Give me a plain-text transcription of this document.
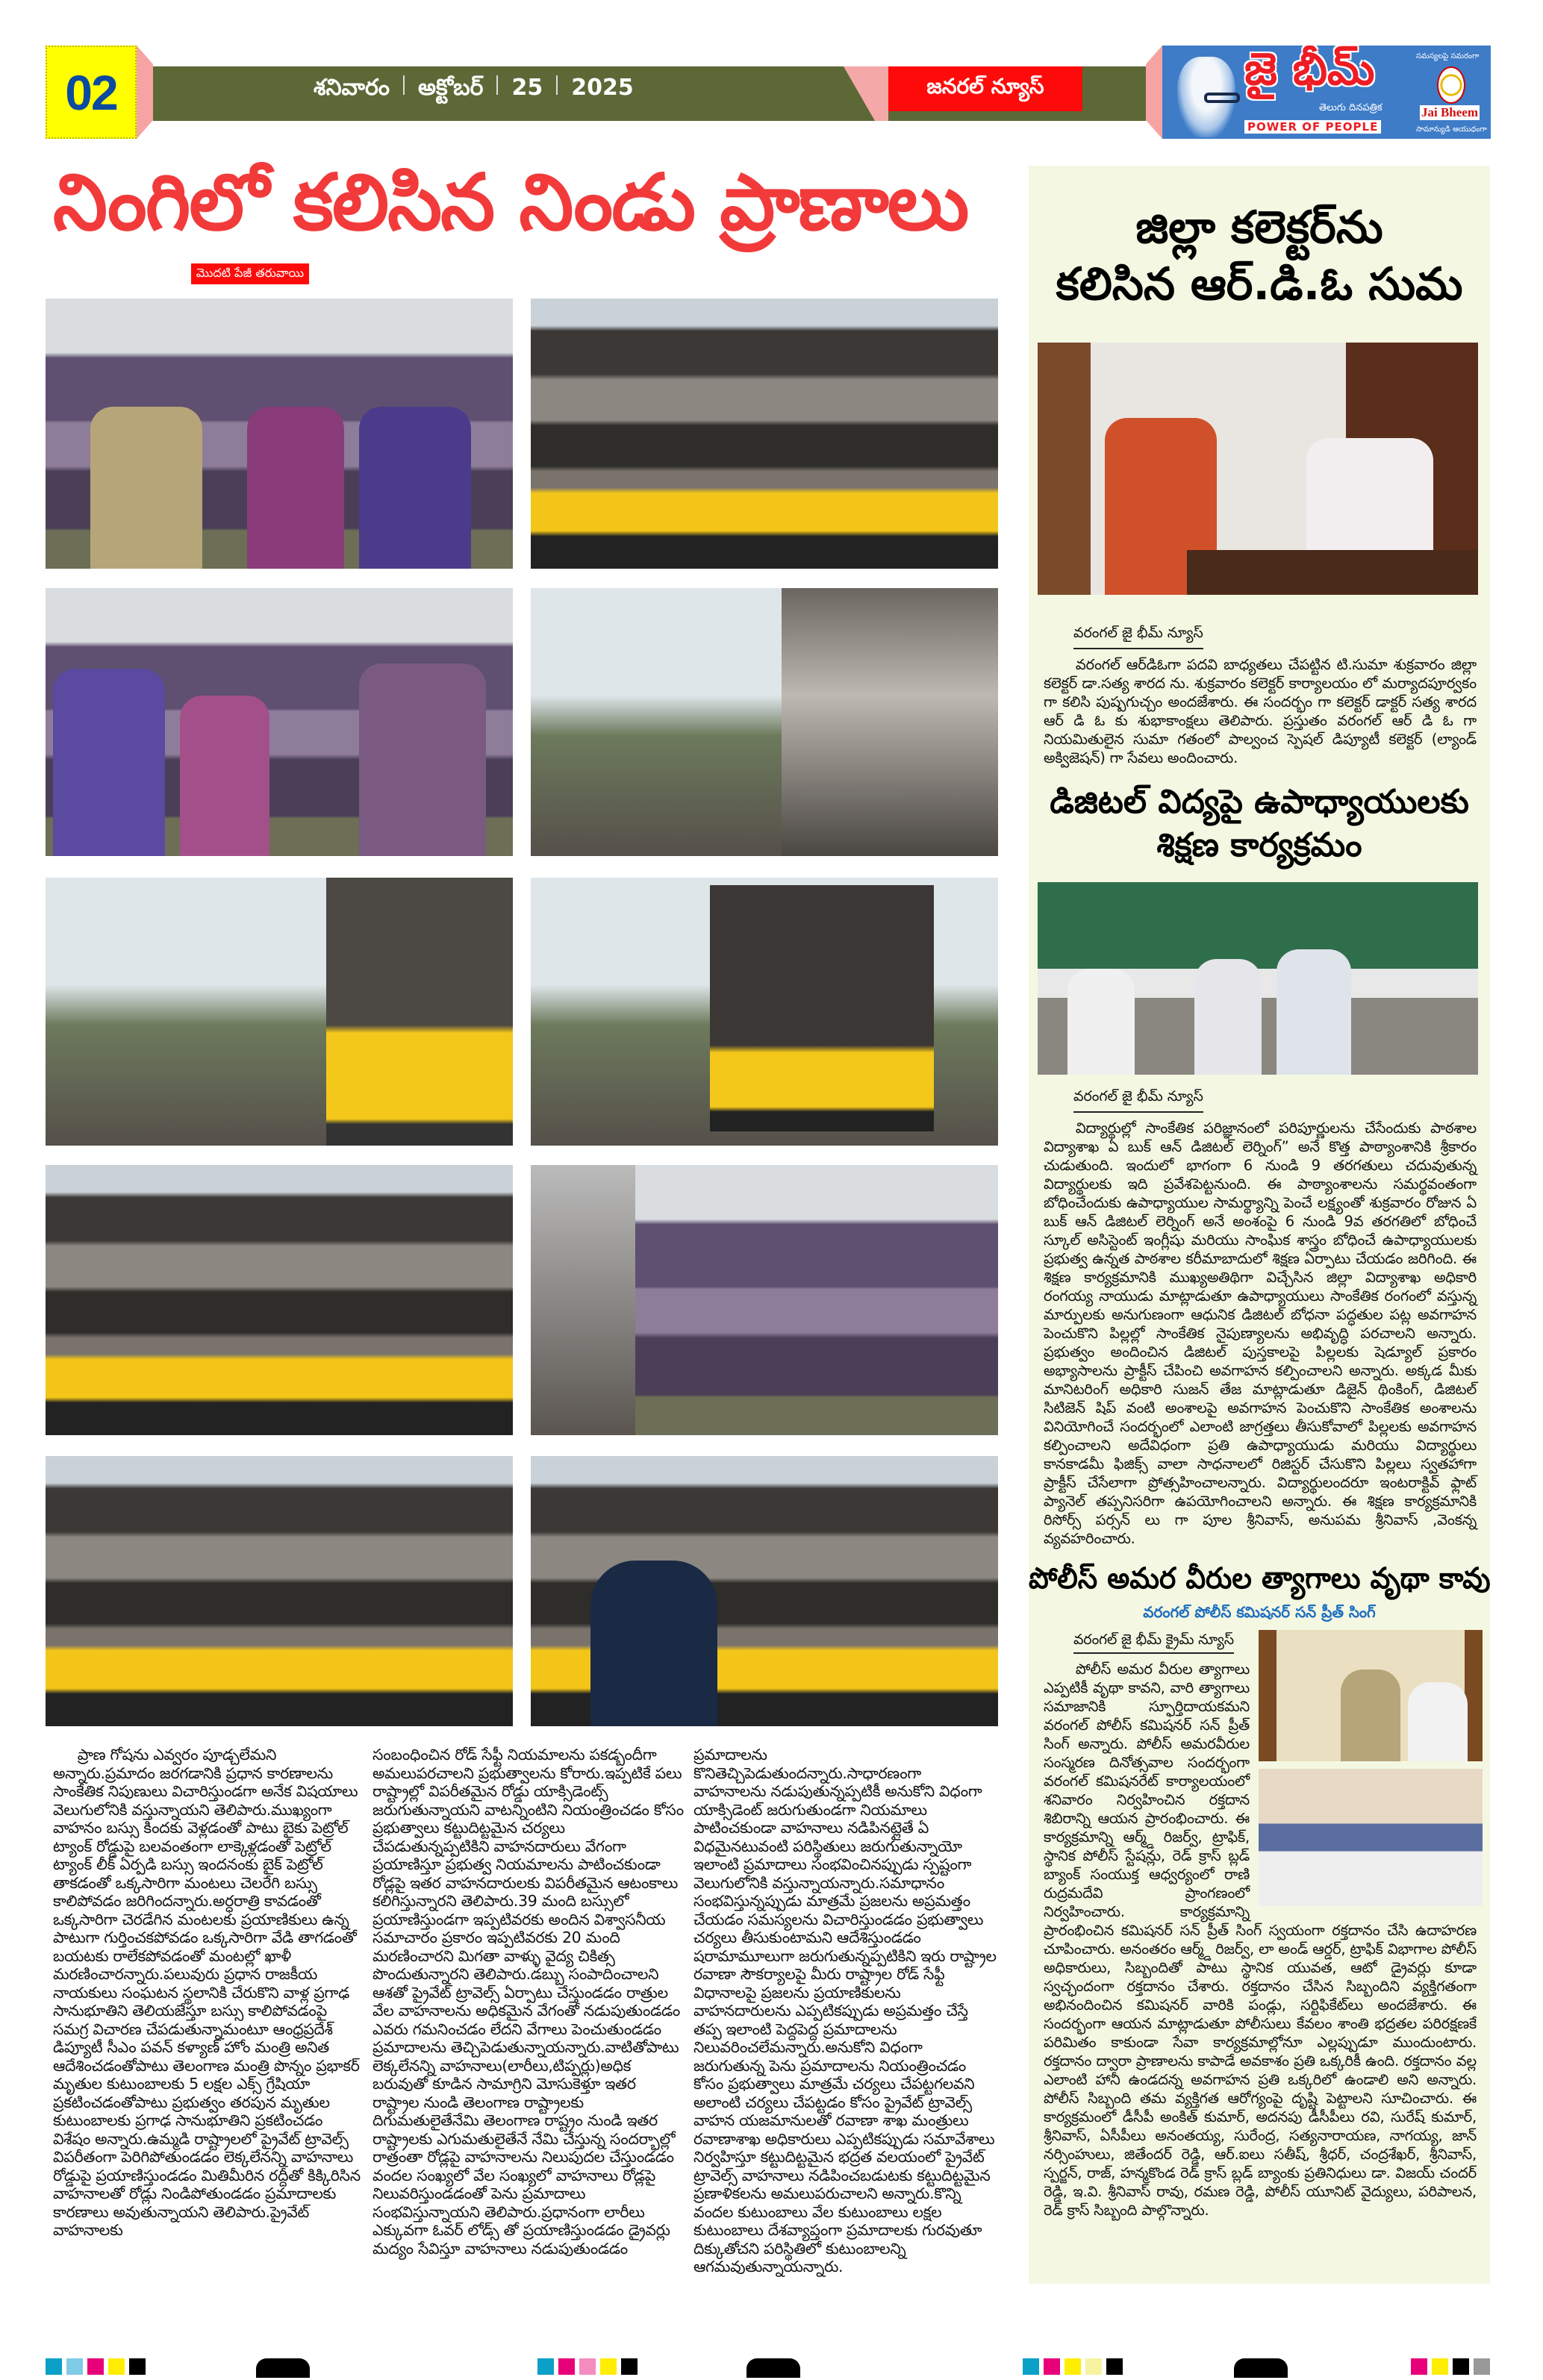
02	శనివారం అక్టోబర్ 25 2025	జనరల్ న్యూస్	జై భీమ్
తెలుగు దినపత్రిక
POWER OF PEOPLE
సమస్యలపై సమరంగా
Jai Bheem
సామాన్యుడి ఆయుధంగా
నింగిలో కలిసిన నిండు ప్రాణాలు
మొదటి పేజీ తరువాయి
ప్రాణ గోషను ఎవ్వరం పూడ్చలేమని అన్నారు.ప్రమాదం జరగడానికి ప్రధాన కారణాలను సాంకేతిక నిపుణులు విచారిస్తుండగా అనేక విషయాలు వెలుగులోనికి వస్తున్నాయని తెలిపారు.ముఖ్యంగా వాహనం బస్సు కిందకు వెళ్లడంతో పాటు బైకు పెట్రోల్ ట్యాంక్ రోడ్డుపై బలవంతంగా లాక్కెళ్లడంతో పెట్రోల్ ట్యాంక్ లీక్ ఏర్పడి బస్సు ఇందనంకు బైక్ పెట్రోల్ తాకడంతో ఒక్కసారిగా మంటలు చెలరేగి బస్సు కాలిపోవడం జరిగిందన్నారు.అర్ధరాత్రి కావడంతో ఒక్కసారిగా చెరడేగిన మంటలకు ప్రయాణికులు ఉన్న పాటుగా గుర్తించకపోవడం ఒక్కసారిగా వేడి తాగడంతో బయటకు రాలేకపోవడంతో మంటల్లో ఖాళీ మరణించారన్నారు.పలువురు ప్రధాన రాజకీయ నాయకులు సంఘటన స్థలానికి చేరుకొని వాళ్ల ప్రగాఢ సానుభూతిని తెలియజేస్తూ బస్సు కాలిపోవడంపై సమగ్ర విచారణ చేపడుతున్నామంటూ ఆంధ్రప్రదేశ్ డిప్యూటీ సీఎం పవన్ కళ్యాణ్ హోం మంత్రి అనిత ఆదేశించడంతోపాటు తెలంగాణ మంత్రి పొన్నం ప్రభాకర్ మృతుల కుటుంబాలకు 5 లక్షల ఎక్స్ గ్రేషియా ప్రకటించడంతోపాటు ప్రభుత్వం తరపున మృతుల కుటుంబాలకు ప్రగాఢ సానుభూతిని ప్రకటించడం విశేషం అన్నారు.ఉమ్మడి రాష్ట్రాలలో ప్రైవేట్ ట్రావెల్స్ విపరీతంగా పెరిగిపోతుండడం లెక్కలేనన్ని వాహనాలు రోడ్డుపై ప్రయాణిస్తుండడం మితిమీరిన రద్దీతో కిక్కిరిసిన వాహనాలతో రోడ్లు నిండిపోతుండడం ప్రమాదాలకు కారణాలు అవుతున్నాయని తెలిపారు.ప్రైవేట్ వాహనాలకు
సంబంధించిన రోడ్ సేఫ్టీ నియమాలను పకడ్బందీగా అమలుపరచాలని ప్రభుత్వాలను కోరారు.ఇప్పటికే పలు రాష్ట్రాల్లో విపరీతమైన రోడ్డు యాక్సిడెంట్స్ జరుగుతున్నాయని వాటన్నింటిని నియంత్రించడం కోసం ప్రభుత్వాలు కట్టుదిట్టమైన చర్యలు చేపడుతున్నప్పటికిని వాహనదారులు వేగంగా ప్రయాణిస్తూ ప్రభుత్వ నియమాలను పాటించకుండా రోడ్లపై ఇతర వాహనదారులకు విపరీతమైన ఆటంకాలు కలిగిస్తున్నారని తెలిపారు.39 మంది బస్సులో ప్రయాణిస్తుండగా ఇప్పటివరకు అందిన విశ్వాసనీయ సమాచారం ప్రకారం ఇప్పటివరకు 20 మంది మరణించారని మిగతా వాళ్ళు వైద్య చికిత్స పొందుతున్నారని తెలిపారు.డబ్బు సంపాదించాలని ఆశతో ప్రైవేట్ ట్రావెల్స్ ఏర్పాటు చేస్తుండడం రాత్రుల వేల వాహనాలను అధికమైన వేగంతో నడుపుతుండడం ఎవరు గమనించడం లేదని వేగాలు పెంచుతుండడం ప్రమాదాలను తెచ్చిపెడుతున్నాయన్నారు.వాటితోపాటు లెక్కలేనన్ని వాహనాలు(లారీలు,టిప్పర్లు)అధిక బరువుతో కూడిన సామాగ్రిని మోసుకెళ్తూ ఇతర రాష్ట్రాల నుండి తెలంగాణ రాష్ట్రాలకు దిగుమతులైతేనేమి తెలంగాణ రాష్ట్రం నుండి ఇతర రాష్ట్రాలకు ఎగుమతులైతేనే నేమి చేస్తున్న సందర్భాల్లో రాత్రంతా రోడ్లపై వాహనాలను నిలుపుదల చేస్తుండడం వందల సంఖ్యలో వేల సంఖ్యలో వాహనాలు రోడ్లపై నిలువరిస్తుండడంతో పెను ప్రమాదాలు సంభవిస్తున్నాయని తెలిపారు.ప్రధానంగా లారీలు ఎక్కువగా ఓవర్ లోడ్స్ తో ప్రయాణిస్తుండడం డ్రైవర్లు మద్యం సేవిస్తూ వాహనాలు నడుపుతుండడం
ప్రమాదాలను కొనితెచ్చిపెడుతుందన్నారు.సాధారణంగా వాహనాలను నడుపుతున్నప్పటికీ అనుకోని విధంగా యాక్సిడెంట్ జరుగుతుండగా నియమాలు పాటించకుండా వాహనాలు నడిపినట్లైతే ఏ విధమైనటువంటి పరిస్థితులు జరుగుతున్నాయో ఇలాంటి ప్రమాదాలు సంభవించినప్పుడు స్పష్టంగా వెలుగులోనికి వస్తున్నాయన్నారు.సమాధానం సంభవిస్తున్నప్పుడు మాత్రమే ప్రజలను అప్రమత్తం చేయడం సమస్యలను విచారిస్తుండడం ప్రభుత్వాలు చర్యలు తీసుకుంటామని ఆదేశిస్తుండడం షరామామూలుగా జరుగుతున్నప్పటికిని ఇరు రాష్ట్రాల రవాణా సౌకర్యాలపై మీరు రాష్ట్రాల రోడ్ సేఫ్టీ విధానాలపై ప్రజలను ప్రయాణికులను వాహనదారులను ఎప్పటికప్పుడు అప్రమత్తం చేస్తే తప్ప ఇలాంటి పెద్దపెద్ద ప్రమాదాలను నిలువరించలేమన్నారు.అనుకోని విధంగా జరుగుతున్న పెను ప్రమాదాలను నియంత్రించడం కోసం ప్రభుత్వాలు మాత్రమే చర్యలు చేపట్టగలవని అలాంటి చర్యలు చేపట్టడం కోసం ప్రైవేట్ ట్రావెల్స్ వాహన యజమానులతో రవాణా శాఖ మంత్రులు రవాణాశాఖ అధికారులు ఎప్పటికప్పుడు సమావేశాలు నిర్వహిస్తూ కట్టుదిట్టమైన భద్రత వలయంలో ప్రైవేట్ ట్రావెల్స్ వాహనాలు నడిపించబడుటకు కట్టుదిట్టమైన ప్రణాళికలను అమలుపరుచాలని అన్నారు.కొన్ని వందల కుటుంబాలు వేల కుటుంబాలు లక్షల కుటుంబాలు దేశవ్యాప్తంగా ప్రమాదాలకు గురవుతూ దిక్కుతోచని పరిస్థితిలో కుటుంబాలన్ని ఆగమవుతున్నాయన్నారు.
జిల్లా కలెక్టర్‌ను
కలిసిన ఆర్.డి.ఓ సుమ
వరంగల్ జై భీమ్ న్యూస్
వరంగల్ ఆర్‌డిఓగా పదవి బాధ్యతలు చేపట్టిన టి.సుమా శుక్రవారం జిల్లా కలెక్టర్ డా.సత్య శారద ను. శుక్రవారం కలెక్టర్ కార్యాలయం లో మర్యాదపూర్వకం గా కలిసి పుష్పగుచ్చం అందజేశారు. ఈ సందర్భం గా కలెక్టర్ డాక్టర్ సత్య శారద ఆర్ డి ఓ కు శుభాకాంక్షలు తెలిపారు. ప్రస్తుతం వరంగల్ ఆర్ డి ఓ గా నియమితులైన సుమా గతంలో పాల్వంచ స్పెషల్ డిప్యూటీ కలెక్టర్ (ల్యాండ్ అక్విజెషన్) గా సేవలు అందించారు.
డిజిటల్ విద్యపై ఉపాధ్యాయులకు
శిక్షణ కార్యక్రమం
వరంగల్ జై భీమ్ న్యూస్
విద్యార్థుల్లో సాంకేతిక పరిజ్ఞానంలో పరిపూర్ణులను చేసేందుకు పాఠశాల విద్యాశాఖ ఏ బుక్ ఆన్ డిజిటల్ లెర్నింగ్” అనే కొత్త పాఠ్యాంశానికి శ్రీకారం చుడుతుంది. ఇందులో భాగంగా 6 నుండి 9 తరగతులు చదువుతున్న విద్యార్థులకు ఇది ప్రవేశపెట్టనుంది. ఈ పాఠ్యాంశాలను సమర్థవంతంగా బోధించేందుకు ఉపాధ్యాయుల సామర్థ్యాన్ని పెంచే లక్ష్యంతో శుక్రవారం రోజున ఏ బుక్ ఆన్ డిజిటల్ లెర్నింగ్ అనే అంశంపై 6 నుండి 9వ తరగతిలో బోధించే స్కూల్ అసిస్టెంట్ ఇంగ్లీషు మరియు సాంఘిక శాస్త్రం బోధించే ఉపాధ్యాయులకు ప్రభుత్వ ఉన్నత పాఠశాల కరీమాబాదులో శిక్షణ ఏర్పాటు చేయడం జరిగింది. ఈ శిక్షణ కార్యక్రమానికి ముఖ్యఅతిథిగా విచ్చేసిన జిల్లా విద్యాశాఖ అధికారి రంగయ్య నాయుడు మాట్లాడుతూ ఉపాధ్యాయులు సాంకేతిక రంగంలో వస్తున్న మార్పులకు అనుగుణంగా ఆధునిక డిజిటల్ బోధనా పద్ధతుల పట్ల అవగాహన పెంచుకొని పిల్లల్లో సాంకేతిక నైపుణ్యాలను అభివృద్ధి పరచాలని అన్నారు. ప్రభుత్వం అందించిన డిజిటల్ పుస్తకాలపై పిల్లలకు షెడ్యూల్ ప్రకారం అభ్యాసాలను ప్రాక్టీస్ చేపించి అవగాహన కల్పించాలని అన్నారు. అక్కడ మీకు మానిటరింగ్ అధికారి సుజన్ తేజ మాట్లాడుతూ డిజైన్ థింకింగ్, డిజిటల్ సిటిజెన్ షిప్ వంటి అంశాలపై అవగాహన పెంచుకొని సాంకేతిక అంశాలను వినియోగించే సందర్భంలో ఎలాంటి జాగ్రత్తలు తీసుకోవాలో పిల్లలకు అవగాహన కల్పించాలని అదేవిధంగా ప్రతి ఉపాధ్యాయుడు మరియు విద్యార్థులు కానకాడమీ ఫిజిక్స్ వాలా సాధనాలలో రిజిస్టర్ చేసుకొని పిల్లలు స్వతహాగా ప్రాక్టీస్ చేసేలాగా ప్రోత్సహించాలన్నారు. విద్యార్థులందరూ ఇంటరాక్టివ్ ఫ్లాట్ ప్యానెల్ తప్పనిసరిగా ఉపయోగించాలని అన్నారు. ఈ శిక్షణ కార్యక్రమానికి రిసోర్స్ పర్సన్ లు గా పూల శ్రీనివాస్, అనుపమ శ్రీనివాస్ ,వెంకన్న వ్యవహరించారు.
పోలీస్ అమర వీరుల త్యాగాలు వృథా కావు
వరంగల్ పోలీస్ కమిషనర్ సన్ ప్రీత్ సింగ్
వరంగల్ జై భీమ్ క్రైమ్ న్యూస్
పోలీస్ అమర వీరుల త్యాగాలు ఎప్పటికీ వృథా కావని, వారి త్యాగాలు సమాజానికి స్ఫూర్తిదాయకమని వరంగల్ పోలీస్ కమిషనర్ సన్ ప్రీత్ సింగ్ అన్నారు. పోలీస్ అమరవీరుల సంస్మరణ దినోత్సవాల సందర్భంగా వరంగల్ కమిషనరేట్ కార్యాలయంలో శనివారం నిర్వహించిన రక్తదాన శిబిరాన్ని ఆయన ప్రారంభించారు. ఈ కార్యక్రమాన్ని ఆర్మ్డ్ రిజర్వ్, ట్రాఫిక్, స్థానిక పోలీస్ స్టేషన్లు, రెడ్ క్రాస్ బ్లడ్ బ్యాంక్ సంయుక్త ఆధ్వర్యంలో రాణి రుద్రమదేవి ప్రాంగణంలో నిర్వహించారు. కార్యక్రమాన్ని ప్రారంభించిన కమిషనర్ సన్ ప్రీత్ సింగ్ స్వయంగా రక్తదానం చేసి ఉదాహరణ చూపించారు. అనంతరం ఆర్మ్డ్ రిజర్వ్, లా అండ్ ఆర్డర్, ట్రాఫిక్ విభాగాల పోలీస్ అధికారులు, సిబ్బందితో పాటు స్థానిక యువత, ఆటో డ్రైవర్లు కూడా స్వచ్ఛందంగా రక్తదానం చేశారు. రక్తదానం చేసిన సిబ్బందిని వ్యక్తిగతంగా అభినందించిన కమిషనర్ వారికి పండ్లు, సర్టిఫికేట్‌లు అందజేశారు. ఈ సందర్భంగా ఆయన మాట్లాడుతూ పోలీసులు కేవలం శాంతి భద్రతల పరిరక్షణకే పరిమితం కాకుండా సేవా కార్యక్రమాల్లోనూ ఎల్లప్పుడూ ముందుంటారు. రక్తదానం ద్వారా ప్రాణాలను కాపాడే అవకాశం ప్రతి ఒక్కరికీ ఉంది. రక్తదానం వల్ల ఎలాంటి హానీ ఉండదన్న అవగాహన ప్రతి ఒక్కరిలో ఉండాలి అని అన్నారు. పోలీస్ సిబ్బంది తమ వ్యక్తిగత ఆరోగ్యంపై దృష్టి పెట్టాలని సూచించారు. ఈ కార్యక్రమంలో డీసీపీ అంకిత్ కుమార్, అదనపు డీసీపీలు రవి, సురేష్ కుమార్, శ్రీనివాస్, ఏసీపీలు అనంతయ్య, సురేంద్ర, సత్యనారాయణ, నాగయ్య, జాన్ నర్సింహులు, జితేందర్ రెడ్డి, ఆర్.ఐలు సతీష్, శ్రీధర్, చంద్రశేఖర్, శ్రీనివాస్, స్పర్జన్, రాజ్, హన్మకొండ రెడ్ క్రాస్ బ్లడ్ బ్యాంకు ప్రతినిధులు డా. విజయ్ చందర్ రెడ్డి, ఇ.వి. శ్రీనివాస్ రావు, రమణ రెడ్డి, పోలీస్ యూనిట్ వైద్యులు, పరిపాలన, రెడ్ క్రాస్ సిబ్బంది పాల్గొన్నారు.
